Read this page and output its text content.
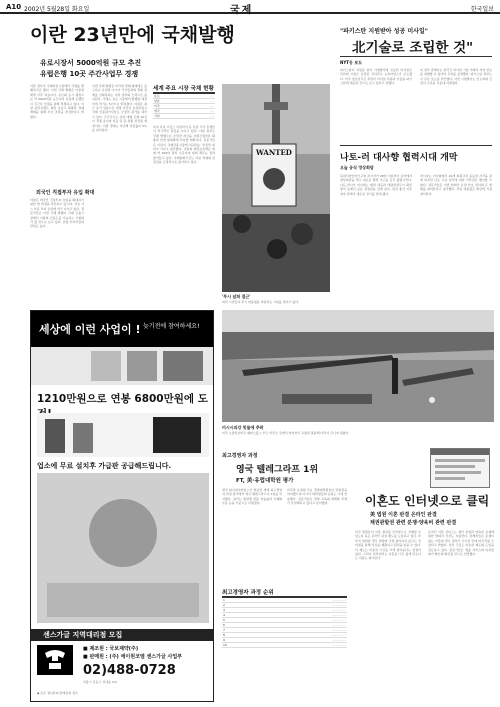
A10 2002년 5월28일 화요일	국제	한국일보
이란 23년만에 국채발행
유로시장서 5000억원 규모 추진
유럽은행 10곳 주간사업무 경쟁
이란 정부가 국제자본시장에서 국채를 발행하기로 했다. 이번 국채 발행은 이슬람혁명 이후 처음이다. 유로화 표시 채권으로 약 5000억원 규모이며 유럽계 은행들이 주간사 선정을 위해 경쟁하고 있다. 이란 중앙은행은 외환 보유고 확충과 경제 개혁을 위해 자금 조달을 추진한다고 밝혔다.
외국인 직접투자 유입 확대
이란은 외국인 직접투자 유입을 확대하기 위한 법 개정을 추진하고 있으며, 석유 가스 부문 투자 유치에 적극 나서고 있다. 전문가들은 이번 국채 발행이 국제 금융시장에서 이란의 신용도를 가늠하는 시험대가 될 것으로 보고 있다. 유럽 투자자들의 관심도 높다.
이번 국채 발행은 미국의 경제 제재에도 불구하고 유럽과 아시아 국가들과의 경제 관계를 강화하려는 이란 정부의 노력으로 풀이된다. 국채는 유로 시장에서 발행될 예정이며 만기는 5년으로 알려졌다. 이란은 최근 유가 상승으로 재정 여건이 호전되었고 국제 신용평가사들도 긍정적 평가를 내리고 있다. 주간사로는 유럽 대형 은행 10곳이 경쟁 중이며 다음 달 중 최종 선정될 예정이다. 이란 경제는 지난해 성장률이 5%를 넘어섰다.
세계 주요 시장 국채 현황
유로	····
일본	····
미국	····
영국	····
기타	····
특히 독일 프랑스 이탈리아 등 유럽 국가 은행들이 적극적인 관심을 보이고 있다. 이란 정부는 국채 발행으로 조달한 자금을 사회간접자본 확충과 산업 현대화에 투입할 계획이다. 전문가들은 이란이 국제금융시장에 복귀하는 상징적 의미가 크다고 평가했다. 이란의 외환보유액은 현재 약 200억 달러 수준이며 대외 채무는 점차 줄어들고 있다. 국제통화기금도 이란 경제의 안정성을 긍정적으로 평가하고 있다.
WANTED
'푸시 넘쳐 접근'
파리 시민들이 부시 대통령을 비판하는 시위를 벌이고 있다.
"파키스탄 지원받아 성공 미사일"
北기술로 조립한 것"
NYT등 보도
파키스탄이 지원을 받아 시험발사에 성공한 미사일은 북한의 기술로 조립된 것이라고 뉴욕타임스가 보도했다. 미국 정보당국은 북한이 미사일 부품과 기술을 파키스탄에 제공한 것으로 보고 있다고 전했다.
미 정부 관계자는 양국간 미사일 기술 거래가 지역 안보를 위협할 수 있다며 우려를 표명했다. 파키스탄 정부는 이 같은 보도를 부인했다. 이번 시험발사는 인도와의 긴장이 고조된 가운데 이뤄졌다.
나토-러 대사향 협력시대 개막
오늘 공식 정상회담
북대서양조약기구와 러시아가 28일 이탈리아 로마에서 정상회담을 열고 새로운 협력 기구를 공식 출범시킨다. 나토-러시아 이사회는 테러 대응과 대량살상무기 확산 방지 등에서 공동 결정권을 갖게 된다. 냉전 종식 이후 양측 관계가 새로운 전기를 맞게 됐다.
러시아는 이사회에서 19개 회원국과 동등한 자격을 갖게 되지만 나토 고유 업무에 대한 거부권은 행사할 수 없다. 전문가들은 이번 합의가 유럽 안보 질서의 큰 변화를 의미한다고 평가했다. 푸틴 대통령은 회담에 직접 참석한다.
미시시피강 빗물에 추락
미국 오클라호마주 웨버스폴스 부근 아칸소 강에서 바지선이 교량과 충돌해 다리가 무너져 내렸다.
세상에 이런 사업이 ! 늦기전에 참여하세요!
1210만원으로 연봉 6800만원에 도
업소에 무료 설치후 가급판 공급해드립니다.
센스가글 지역대리점 모집
■ 제조원 : 국보제약(주)
■ 판매원 : (주) 에이원코엠 센스가글 사업부
02)488-0728
서울시 강동구 성내동 0-0
◆ 토론 접니다의 판매문의 접수
최고경영자 과정
영국 텔레그라프 1위
FT, 美·유럽대학원 평가
영국 파이낸셜타임스가 발표한 세계 최고경영자 과정 평가에서 영국 텔레그라프가 1위를 차지했다. 평가는 졸업생 연봉 상승률과 국제화 수준 등을 기준으로 이뤄졌다.
미국과 유럽의 주요 경영대학원들이 상위권을 차지했으며 아시아 대학원들의 순위도 크게 상승했다. 전문가들은 경영 교육의 세계화 추세가 뚜렷해지고 있다고 분석했다.
최고경영자 과정 순위
1	···············
2	···············
3	···············
4	···············
5	···············
6	···············
7	···············
8	···············
9	···············
10	···············
이혼도 인터넷으로 클릭
美 법원 이혼 판결 온라인 판결
채권관할권 관련 분쟁·양육비 관련 판결
미국 법원들이 이혼 절차를 인터넷으로 진행할 수 있도록 하는 온라인 판결 제도를 도입하고 있다. 부부가 합의한 경우 법원에 직접 출석하지 않고도 인터넷을 통해 서류를 제출하고 판결을 받을 수 있다. 이 제도는 비용과 시간을 크게 줄여준다는 장점이 있다. 그러나 일부에서는 이혼을 너무 쉽게 만든다는 비판도 제기된다.
온라인 이혼 서비스는 재산 분할과 양육비 문제에 대한 합의서 작성도 지원한다. 관계자들은 분쟁이 없는 이혼의 경우 절차가 수주일 안에 마무리될 수 있다고 밝혔다. 다른 주들도 비슷한 제도의 도입을 검토하고 있다. 전문가들은 법률 서비스의 디지털화가 빠르게 확산될 것으로 전망했다.
